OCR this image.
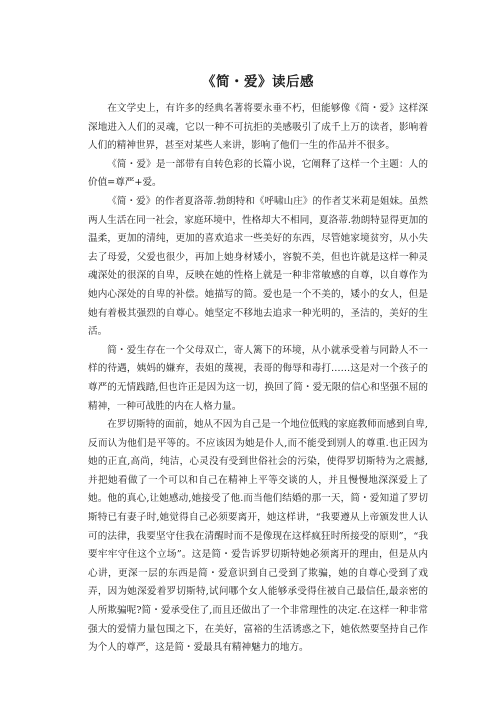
《简・爱》读后感

在文学史上，有许多的经典名著将要永垂不朽，但能够像《简・爱》这样深深地进入人们的灵魂，它以一种不可抗拒的美感吸引了成千上万的读者，影响着人们的精神世界，甚至对某些人来讲，影响了他们一生的作品并不很多。

《简・爱》是一部带有自转色彩的长篇小说，它阐释了这样一个主题：人的价值=尊严+爱。

《简・爱》的作者夏洛蒂.勃朗特和《呼啸山庄》的作者艾米莉是姐妹。虽然两人生活在同一社会，家庭环境中，性格却大不相同，夏洛蒂.勃朗特显得更加的温柔，更加的清纯，更加的喜欢追求一些美好的东西，尽管她家境贫穷，从小失去了母爱，父爱也很少，再加上她身材矮小，容貌不美，但也许就是这样一种灵魂深处的很深的自卑，反映在她的性格上就是一种非常敏感的自尊，以自尊作为她内心深处的自卑的补偿。她描写的简。爱也是一个不美的，矮小的女人，但是她有着极其强烈的自尊心。她坚定不移地去追求一种光明的，圣洁的，美好的生活。

简・爱生存在一个父母双亡，寄人篱下的环境，从小就承受着与同龄人不一样的待遇，姨妈的嫌弃，表姐的蔑视，表哥的侮辱和毒打……这是对一个孩子的尊严的无情践踏,但也许正是因为这一切，换回了简・爱无限的信心和坚强不屈的精神，一种可战胜的内在人格力量。

在罗切斯特的面前，她从不因为自己是一个地位低贱的家庭教师而感到自卑,反而认为他们是平等的。不应该因为她是仆人,而不能受到别人的尊重.也正因为她的正直,高尚，纯洁，心灵没有受到世俗社会的污染，使得罗切斯特为之震撼,并把她看做了一个可以和自己在精神上平等交谈的人，并且慢慢地深深爱上了她。他的真心,让她感动,她接受了他.而当他们结婚的那一天，简・爱知道了罗切斯特已有妻子时,她觉得自己必须要离开，她这样讲，“我要遵从上帝颁发世人认可的法律，我要坚守住我在清醒时而不是像现在这样疯狂时所接受的原则”，“我要牢牢守住这个立场”。这是简・爱告诉罗切斯特她必须离开的理由，但是从内心讲，更深一层的东西是简・爱意识到自己受到了欺骗，她的自尊心受到了戏弄，因为她深爱着罗切斯特,试问哪个女人能够承受得住被自己最信任,最亲密的人所欺骗呢?简・爱承受住了,而且还做出了一个非常理性的决定.在这样一种非常强大的爱情力量包围之下，在美好，富裕的生活诱惑之下，她依然要坚持自己作为个人的尊严，这是简・爱最具有精神魅力的地方。
